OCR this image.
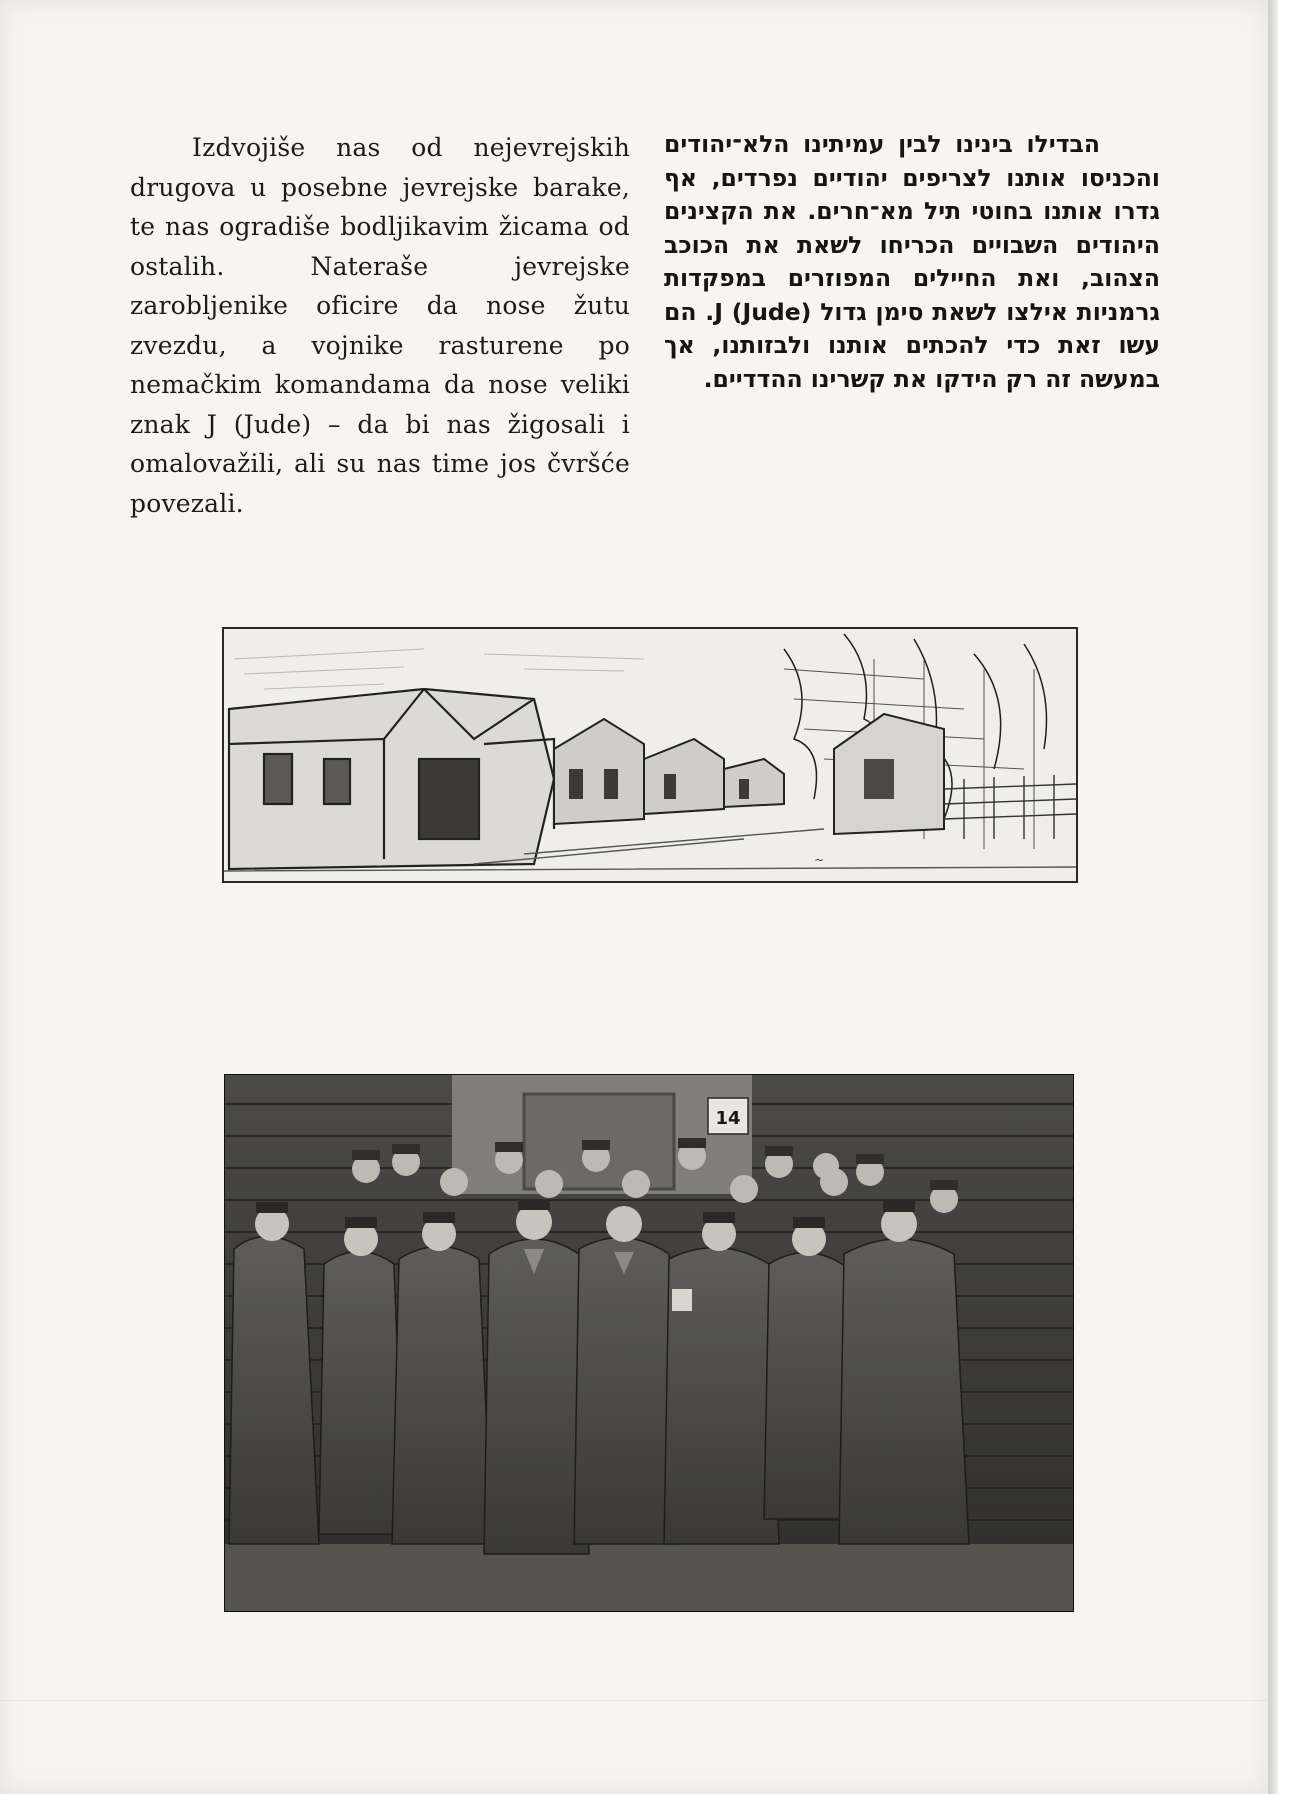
Izdvojiše nas od nejevrejskih drugova u posebne jevrejske barake, te nas ogradiše bodljikavim žicama od ostalih. Nateraše jevrejske zarobljenike oficire da nose žutu zvezdu, a vojnike rasturene po nemačkim komandama da nose veliki znak J (Jude) – da bi nas žigosali i omalovažili, ali su nas time jos čvršće povezali.
הבדילו בינינו לבין עמיתינו הלא־יהודים והכניסו אותנו לצריפים יהודיים נפרדים, אף גדרו אותנו בחוטי תיל מא־חרים. את הקצינים היהודים השבויים הכריחו לשאת את הכוכב הצהוב, ואת החיילים המפוזרים במפקדות גרמניות אילצו לשאת סימן גדול J (Jude). הם עשו זאת כדי להכתים אותנו ולבזותנו, אך במעשה זה רק הידקו את קשרינו ההדדיים.
~
14
